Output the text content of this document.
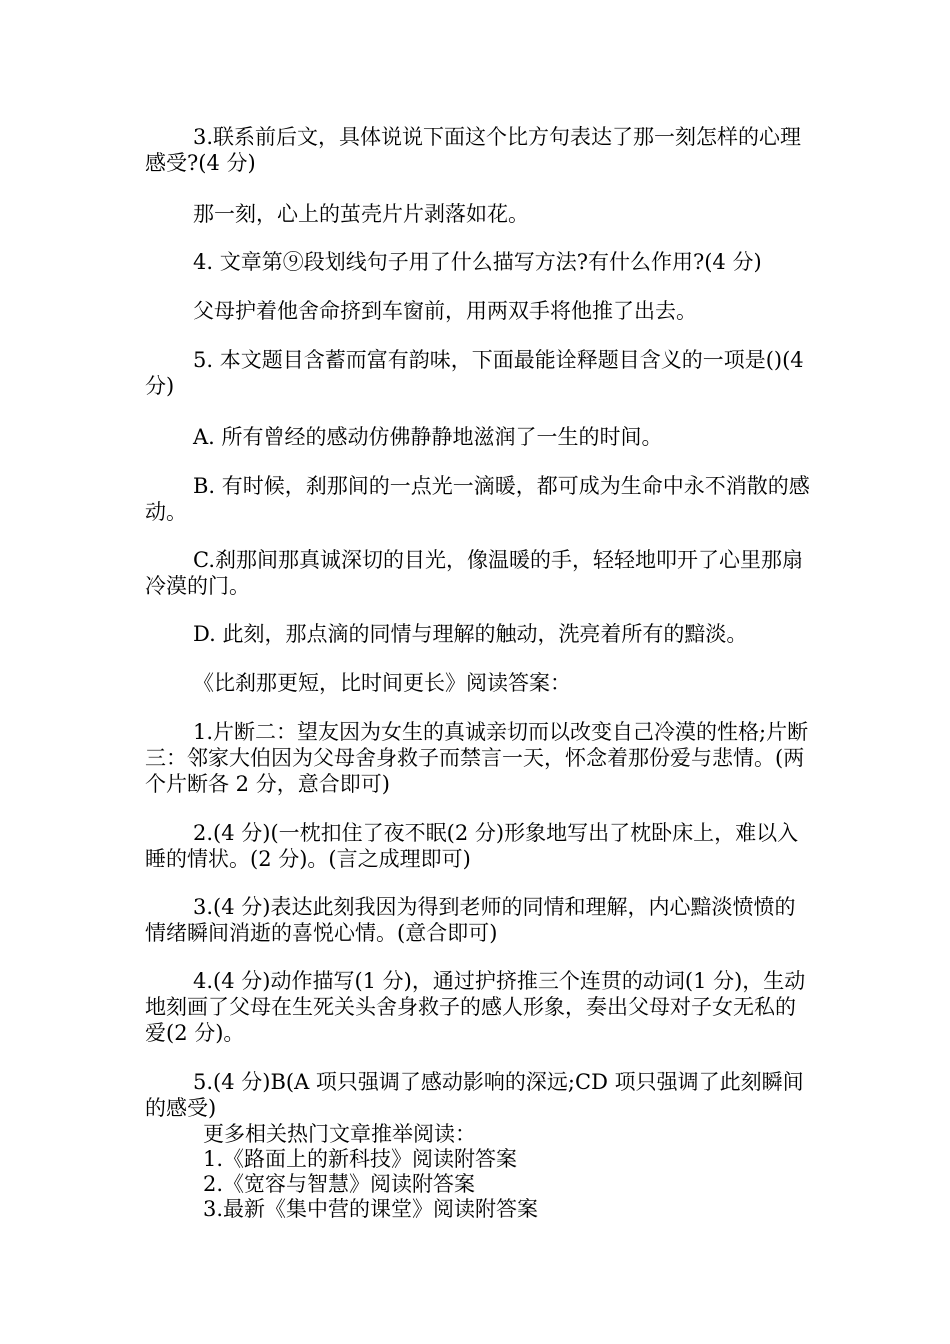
3.联系前后文，具体说说下面这个比方句表达了那一刻怎样的心理感受?(4 分)
那一刻，心上的茧壳片片剥落如花。
4. 文章第⑨段划线句子用了什么描写方法?有什么作用?(4 分)
父母护着他舍命挤到车窗前，用两双手将他推了出去。
5. 本文题目含蓄而富有韵味，下面最能诠释题目含义的一项是()(4 分)
A. 所有曾经的感动仿佛静静地滋润了一生的时间。
B. 有时候，刹那间的一点光一滴暖，都可成为生命中永不消散的感动。
C.刹那间那真诚深切的目光，像温暖的手，轻轻地叩开了心里那扇冷漠的门。
D. 此刻，那点滴的同情与理解的触动，洗亮着所有的黯淡。
《比刹那更短，比时间更长》阅读答案：
1.片断二：望友因为女生的真诚亲切而以改变自己冷漠的性格;片断三：邻家大伯因为父母舍身救子而禁言一天，怀念着那份爱与悲情。(两个片断各 2 分，意合即可)
2.(4 分)(一枕扣住了夜不眠(2 分)形象地写出了枕卧床上，难以入睡的情状。(2 分)。(言之成理即可)
3.(4 分)表达此刻我因为得到老师的同情和理解，内心黯淡愤愤的情绪瞬间消逝的喜悦心情。(意合即可)
4.(4 分)动作描写(1 分)，通过护挤推三个连贯的动词(1 分)，生动地刻画了父母在生死关头舍身救子的感人形象，奏出父母对子女无私的爱(2 分)。
5.(4 分)B(A 项只强调了感动影响的深远;CD 项只强调了此刻瞬间的感受)
更多相关热门文章推举阅读：
1.《路面上的新科技》阅读附答案
2.《宽容与智慧》阅读附答案
3.最新《集中营的课堂》阅读附答案
